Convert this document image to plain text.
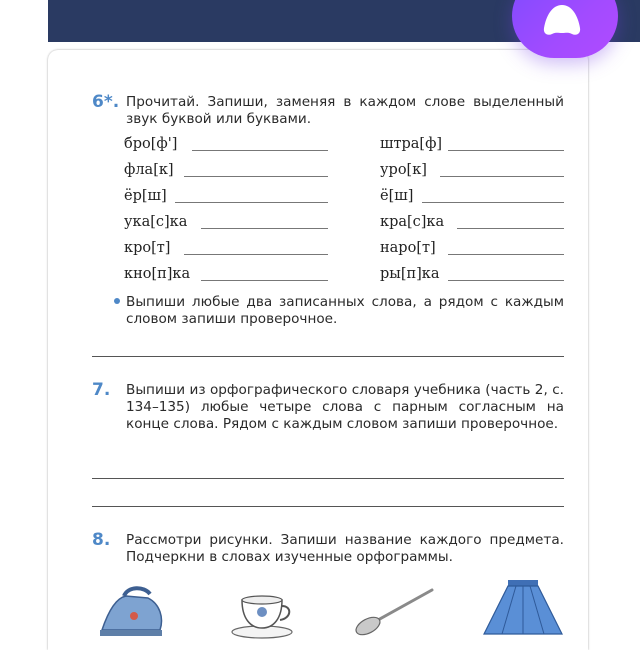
6*. Прочитай. Запиши, заменяя в каждом слове выделенный звук буквой или буквами.
бро[ф']
фла[к]
ёр[ш]
ука[с]ка
кро[т]
кно[п]ка
штра[ф]
уро[к]
ё[ш]
кра[с]ка
наро[т]
ры[п]ка
Выпиши любые два записанных слова, а рядом с каждым словом запиши проверочное.
7. Выпиши из орфографического словаря учебника (часть 2, с. 134–135) любые четыре слова с парным согласным на конце слова. Рядом с каждым словом запиши проверочное.
8. Рассмотри рисунки. Запиши название каждого предмета. Подчеркни в словах изученные орфограммы.
